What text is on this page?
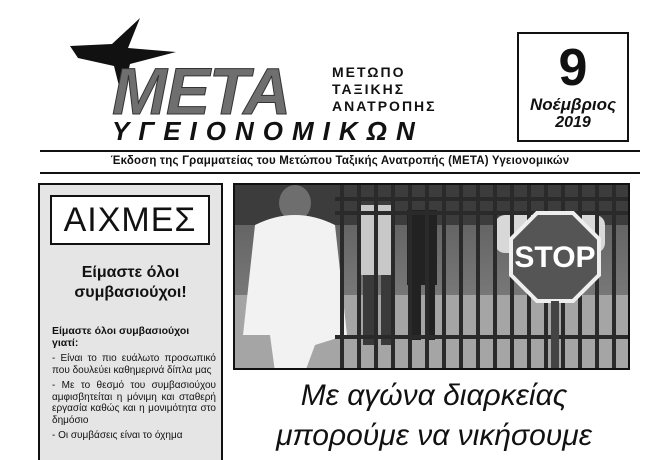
ΜΕΤΑ	ΜΕΤΩΠΟ
ΤΑΞΙΚΗΣ
ΑΝΑΤΡΟΠΗΣ
ΥΓΕΙΟΝΟΜΙΚΩΝ
9
Νοέμβριος
2019
Έκδοση της Γραμματείας του Μετώπου Ταξικής Ανατροπής (ΜΕΤΑ) Υγειονομικών
ΑΙΧΜΕΣ
Είμαστε όλοι συμβασιούχοι!
Είμαστε όλοι συμβασιούχοι γιατί:
- Είναι το πιο ευάλωτο προσωπικό που δουλεύει καθημερινά δίπλα μας
- Με το θεσμό του συμβασιούχου αμφισβητείται η μόνιμη και σταθερή εργασία καθώς και η μονιμότητα στο δημόσιο
- Οι συμβάσεις είναι το όχημα
STOP
Με αγώνα διαρκείας
μπορούμε να νικήσουμε
